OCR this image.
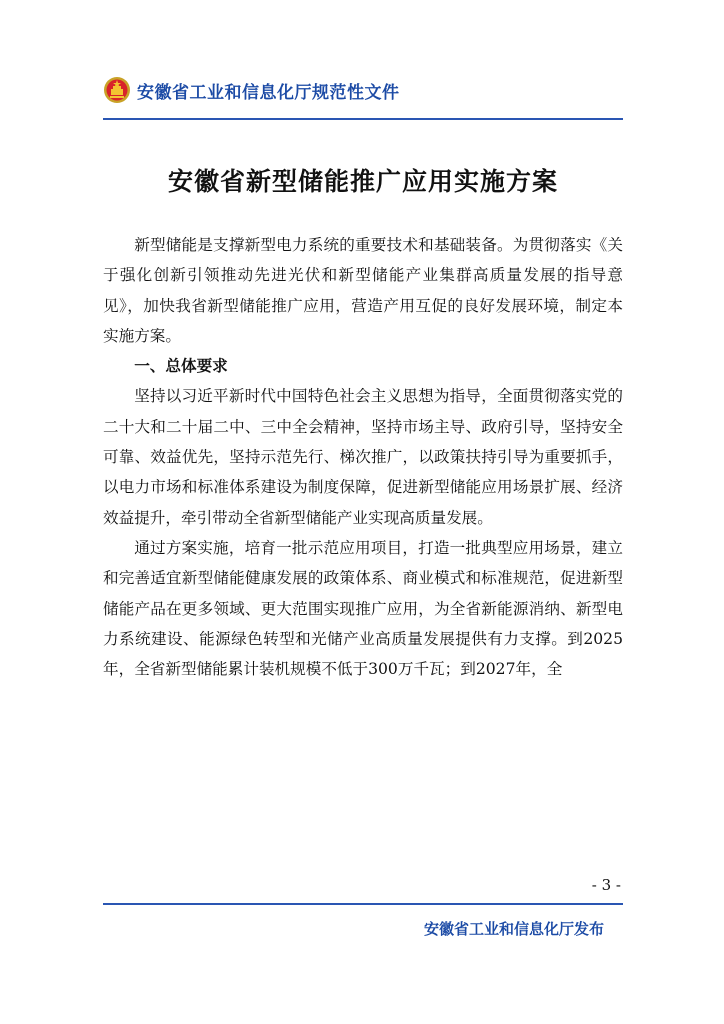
安徽省工业和信息化厅规范性文件
安徽省新型储能推广应用实施方案

新型储能是支撑新型电力系统的重要技术和基础装备。为贯彻落实《关于强化创新引领推动先进光伏和新型储能产业集群高质量发展的指导意见》，加快我省新型储能推广应用，营造产用互促的良好发展环境，制定本实施方案。

一、总体要求

坚持以习近平新时代中国特色社会主义思想为指导，全面贯彻落实党的二十大和二十届二中、三中全会精神，坚持市场主导、政府引导，坚持安全可靠、效益优先，坚持示范先行、梯次推广，以政策扶持引导为重要抓手，以电力市场和标准体系建设为制度保障，促进新型储能应用场景扩展、经济效益提升，牵引带动全省新型储能产业实现高质量发展。

通过方案实施，培育一批示范应用项目，打造一批典型应用场景，建立和完善适宜新型储能健康发展的政策体系、商业模式和标准规范，促进新型储能产品在更多领域、更大范围实现推广应用，为全省新能源消纳、新型电力系统建设、能源绿色转型和光储产业高质量发展提供有力支撑。到2025年，全省新型储能累计装机规模不低于300万千瓦；到2027年，全

- 3 -
安徽省工业和信息化厅发布
